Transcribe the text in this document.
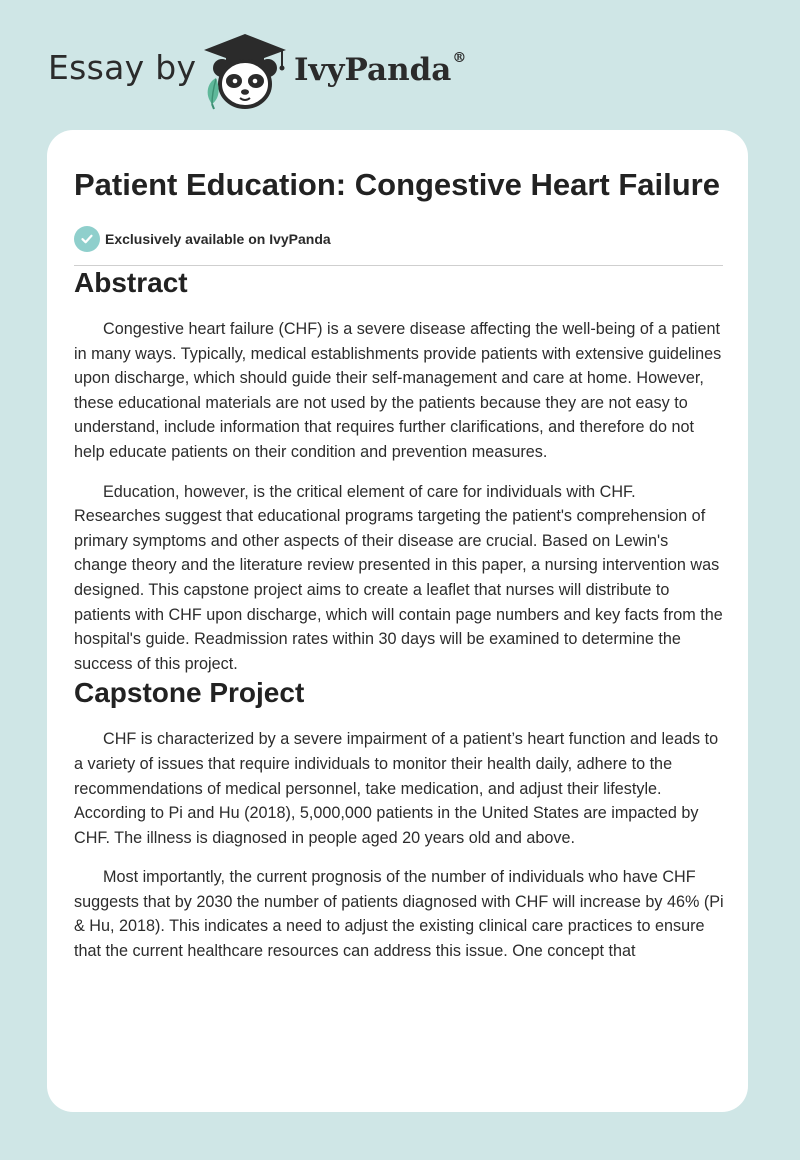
Essay by	IvyPanda®
Patient Education: Congestive Heart Failure
Exclusively available on IvyPanda
Abstract

Congestive heart failure (CHF) is a severe disease affecting the well-being of a patient in many ways. Typically, medical establishments provide patients with extensive guidelines upon discharge, which should guide their self-management and care at home. However, these educational materials are not used by the patients because they are not easy to understand, include information that requires further clarifications, and therefore do not help educate patients on their condition and prevention measures.

Education, however, is the critical element of care for individuals with CHF. Researches suggest that educational programs targeting the patient's comprehension of primary symptoms and other aspects of their disease are crucial. Based on Lewin's change theory and the literature review presented in this paper, a nursing intervention was designed. This capstone project aims to create a leaflet that nurses will distribute to patients with CHF upon discharge, which will contain page numbers and key facts from the hospital's guide. Readmission rates within 30 days will be examined to determine the success of this project.

Capstone Project

CHF is characterized by a severe impairment of a patient’s heart function and leads to a variety of issues that require individuals to monitor their health daily, adhere to the recommendations of medical personnel, take medication, and adjust their lifestyle. According to Pi and Hu (2018), 5,000,000 patients in the United States are impacted by CHF. The illness is diagnosed in people aged 20 years old and above.

Most importantly, the current prognosis of the number of individuals who have CHF suggests that by 2030 the number of patients diagnosed with CHF will increase by 46% (Pi & Hu, 2018). This indicates a need to adjust the existing clinical care practices to ensure that the current healthcare resources can address this issue. One concept that
